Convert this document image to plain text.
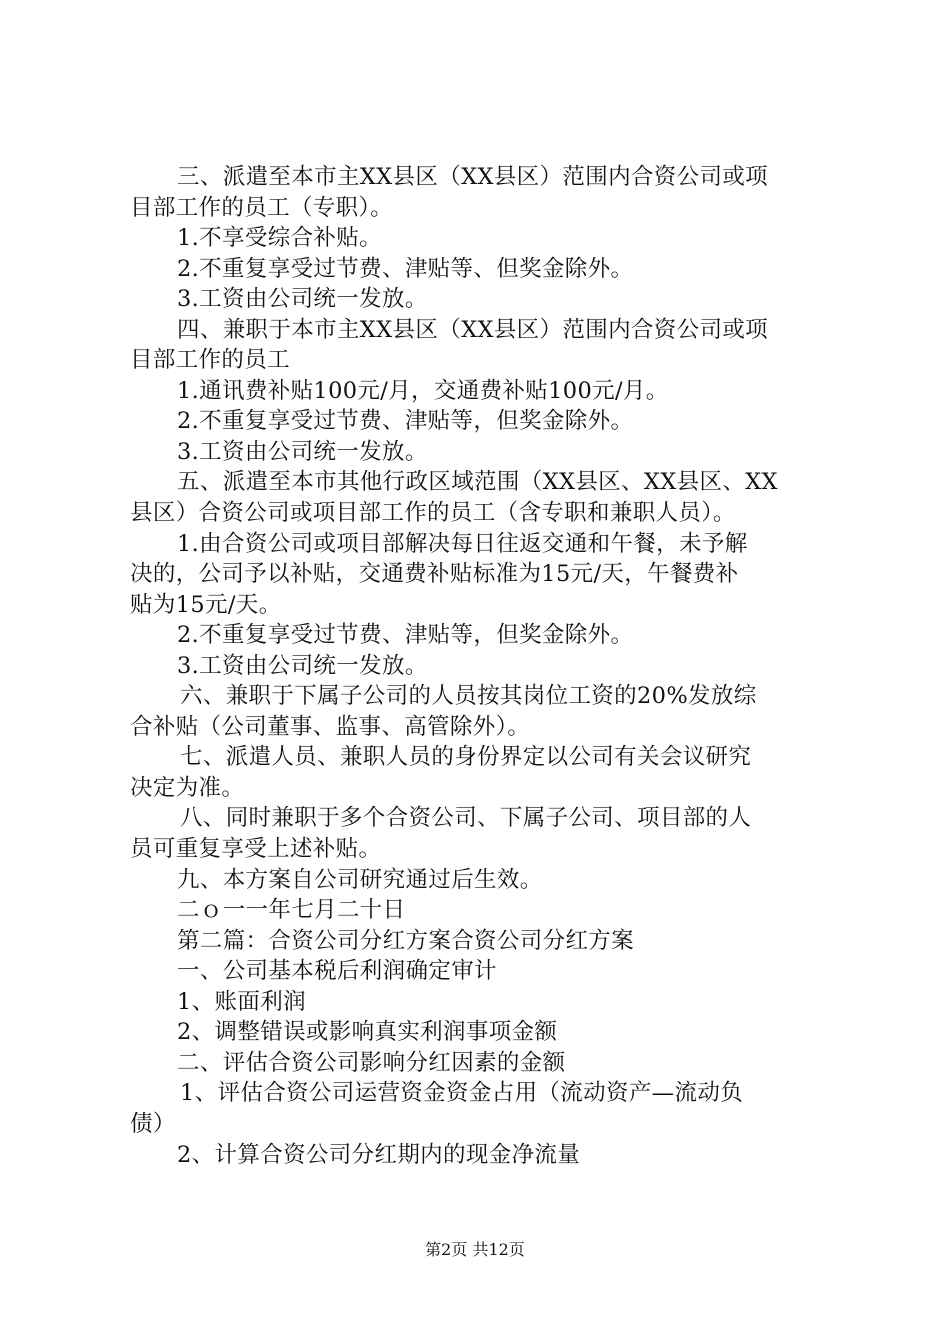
三、派遣至本市主XX县区（XX县区）范围内合资公司或项
目部工作的员工（专职）。
1.不享受综合补贴。
2.不重复享受过节费、津贴等、但奖金除外。
3.工资由公司统一发放。
四、兼职于本市主XX县区（XX县区）范围内合资公司或项
目部工作的员工
1.通讯费补贴100元/月，交通费补贴100元/月。
2.不重复享受过节费、津贴等，但奖金除外。
3.工资由公司统一发放。
五、派遣至本市其他行政区域范围（XX县区、XX县区、XX
县区）合资公司或项目部工作的员工（含专职和兼职人员）。
1.由合资公司或项目部解决每日往返交通和午餐，未予解
决的，公司予以补贴，交通费补贴标准为15元/天，午餐费补
贴为15元/天。
2.不重复享受过节费、津贴等，但奖金除外。
3.工资由公司统一发放。
六、兼职于下属子公司的人员按其岗位工资的20%发放综
合补贴（公司董事、监事、高管除外）。
七、派遣人员、兼职人员的身份界定以公司有关会议研究
决定为准。
八、同时兼职于多个合资公司、下属子公司、项目部的人
员可重复享受上述补贴。
九、本方案自公司研究通过后生效。
二ｏ一一年七月二十日
第二篇：合资公司分红方案合资公司分红方案
一、公司基本税后利润确定审计
1、账面利润
2、调整错误或影响真实利润事项金额
二、评估合资公司影响分红因素的金额
1、评估合资公司运营资金资金占用（流动资产—流动负
债）
2、计算合资公司分红期内的现金净流量
第2页 共12页
